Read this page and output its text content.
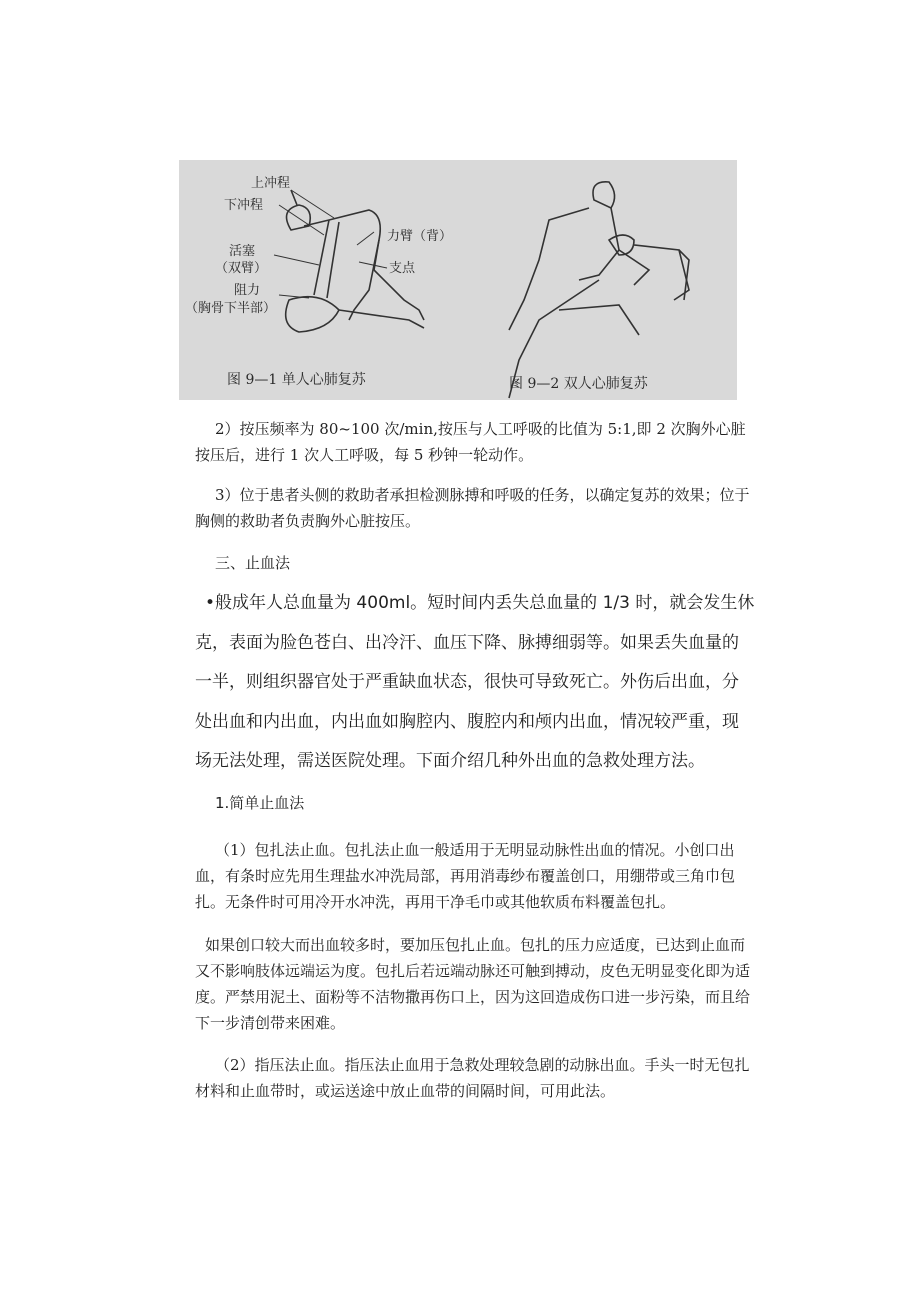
上冲程
下冲程
力臂（背）
活塞
（双臂）	支点
阻力
（胸骨下半部）
图 9—1 单人心肺复苏	图 9—2 双人心肺复苏

2）按压频率为 80~100 次/min,按压与人工呼吸的比值为 5:1,即 2 次胸外心脏按压后，进行 1 次人工呼吸，每 5 秒钟一轮动作。

3）位于患者头侧的救助者承担检测脉搏和呼吸的任务，以确定复苏的效果；位于胸侧的救助者负责胸外心脏按压。

三、止血法

•般成年人总血量为 400ml。短时间内丢失总血量的 1/3 时，就会发生休克，表面为脸色苍白、出冷汗、血压下降、脉搏细弱等。如果丢失血量的一半，则组织器官处于严重缺血状态，很快可导致死亡。外伤后出血，分处出血和内出血，内出血如胸腔内、腹腔内和颅内出血，情况较严重，现场无法处理，需送医院处理。下面介绍几种外出血的急救处理方法。

1.简单止血法

（1）包扎法止血。包扎法止血一般适用于无明显动脉性出血的情况。小创口出血，有条时应先用生理盐水冲洗局部，再用消毒纱布覆盖创口，用绷带或三角巾包扎。无条件时可用冷开水冲洗，再用干净毛巾或其他软质布料覆盖包扎。

如果创口较大而出血较多时，要加压包扎止血。包扎的压力应适度，已达到止血而又不影响肢体远端运为度。包扎后若远端动脉还可触到搏动，皮色无明显变化即为适度。严禁用泥土、面粉等不洁物撒再伤口上，因为这回造成伤口进一步污染，而且给下一步清创带来困难。

（2）指压法止血。指压法止血用于急救处理较急剧的动脉出血。手头一时无包扎材料和止血带时，或运送途中放止血带的间隔时间，可用此法。
